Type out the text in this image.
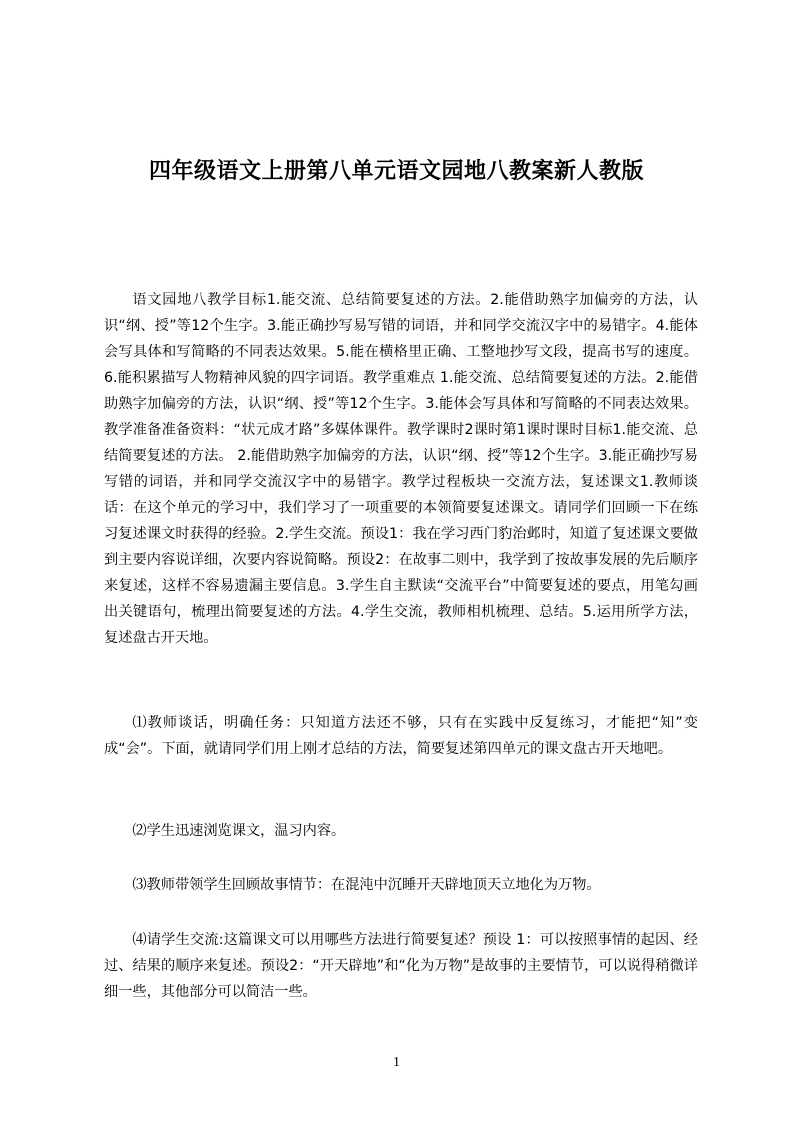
四年级语文上册第八单元语文园地八教案新人教版

语文园地八教学目标1.能交流、总结简要复述的方法。2.能借助熟字加偏旁的方法，认识“纲、授”等12个生字。3.能正确抄写易写错的词语，并和同学交流汉字中的易错字。4.能体会写具体和写简略的不同表达效果。5.能在横格里正确、工整地抄写文段，提高书写的速度。6.能积累描写人物精神风貌的四字词语。教学重难点 1.能交流、总结简要复述的方法。2.能借助熟字加偏旁的方法，认识“纲、授”等12个生字。3.能体会写具体和写简略的不同表达效果。教学准备准备资料：“状元成才路”多媒体课件。教学课时2课时第1课时课时目标1.能交流、总结简要复述的方法。 2.能借助熟字加偏旁的方法，认识“纲、授”等12个生字。3.能正确抄写易写错的词语，并和同学交流汉字中的易错字。教学过程板块一交流方法，复述课文1.教师谈话：在这个单元的学习中，我们学习了一项重要的本领简要复述课文。请同学们回顾一下在练习复述课文时获得的经验。2.学生交流。预设1：我在学习西门豹治邺时，知道了复述课文要做到主要内容说详细，次要内容说简略。预设2：在故事二则中，我学到了按故事发展的先后顺序来复述，这样不容易遗漏主要信息。3.学生自主默读“交流平台”中简要复述的要点，用笔勾画出关键语句，梳理出简要复述的方法。4.学生交流，教师相机梳理、总结。5.运用所学方法，复述盘古开天地。

⑴教师谈话，明确任务：只知道方法还不够，只有在实践中反复练习，才能把“知”变成“会”。下面，就请同学们用上刚才总结的方法，简要复述第四单元的课文盘古开天地吧。

⑵学生迅速浏览课文，温习内容。

⑶教师带领学生回顾故事情节：在混沌中沉睡开天辟地顶天立地化为万物。

⑷请学生交流:这篇课文可以用哪些方法进行简要复述？预设 1：可以按照事情的起因、经过、结果的顺序来复述。预设2：“开天辟地”和“化为万物”是故事的主要情节，可以说得稍微详细一些，其他部分可以简洁一些。

1
